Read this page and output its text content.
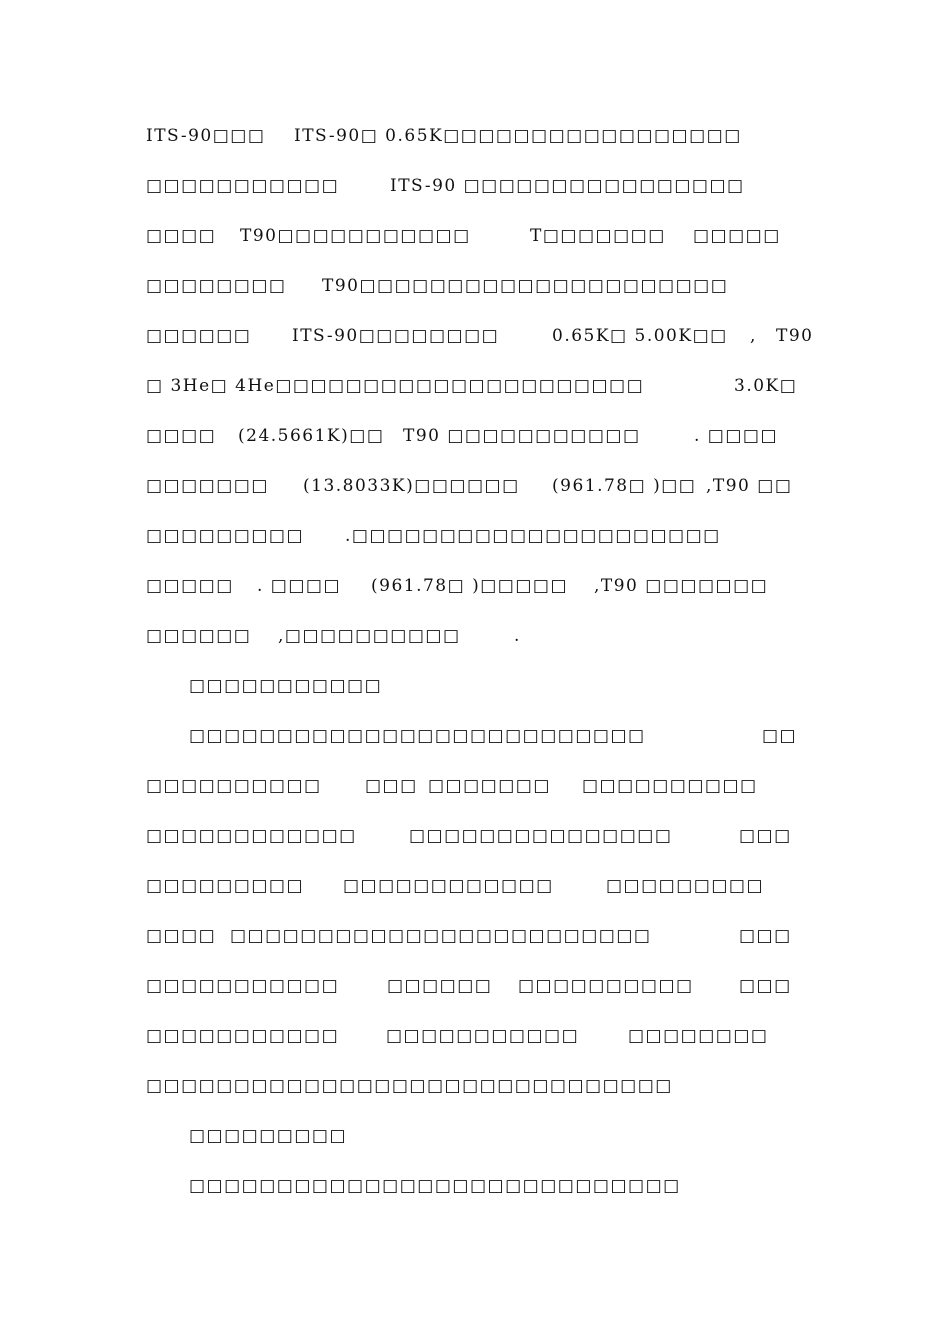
ITS-90□□□ ITS-90□ 0.65K□□□□□□□□□□□□□□□□□
□□□□□□□□□□□	ITS-90 □□□□□□□□□□□□□□□□
□□□□ T90□□□□□□□□□□□	T□□□□□□□ □□□□□
□□□□□□□□ T90□□□□□□□□□□□□□□□□□□□□□
□□□□□□ ITS-90□□□□□□□□	0.65K□ 5.00K□□ , T90
□ 3He□ 4He□□□□□□□□□□□□□□□□□□□□□	3.0K□
□□□□ (24.5661K)□□ T90 □□□□□□□□□□□	. □□□□
□□□□□□□ (13.8033K)□□□□□□ (961.78□ )□□ ,T90 □□
□□□□□□□□□ .□□□□□□□□□□□□□□□□□□□□□
□□□□□ . □□□□ (961.78□ )□□□□□ ,T90 □□□□□□□
□□□□□□ ,□□□□□□□□□□	.
□□□□□□□□□□□
□□□□□□□□□□□□□□□□□□□□□□□□□□	□□
□□□□□□□□□□	□□□ □□□□□□□ □□□□□□□□□□
□□□□□□□□□□□□	□□□□□□□□□□□□□□□	□□□
□□□□□□□□□ □□□□□□□□□□□□	□□□□□□□□□
□□□□ □□□□□□□□□□□□□□□□□□□□□□□□	□□□
□□□□□□□□□□□	□□□□□□ □□□□□□□□□□	□□□
□□□□□□□□□□□	□□□□□□□□□□□	□□□□□□□□
□□□□□□□□□□□□□□□□□□□□□□□□□□□□□□
□□□□□□□□□
□□□□□□□□□□□□□□□□□□□□□□□□□□□□
